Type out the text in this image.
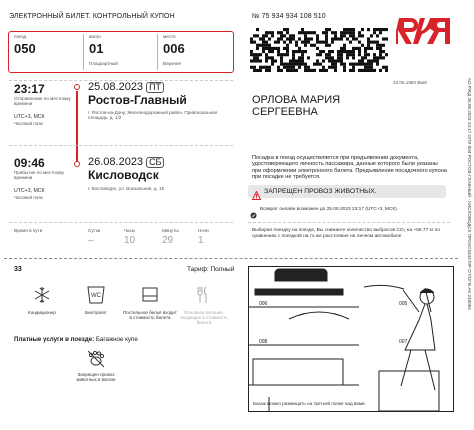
ЭЛЕКТРОННЫЙ БИЛЕТ. КОНТРОЛЬНЫЙ КУПОН	№ 75 934 934 108 510
поезд
050
вагон
01
Плацкартный
место
006
Верхнее
23:17
Отправление по местному времени
UTC+3, МСК
Часовой пояс
25.08.2023 ПТ
Ростов-Главный
г. Ростов-на-Дону, Железнодорожный район, Привокзальная площадь, д. 1/2
09:46
Прибытие по местному времени
UTC+3, МСК
Часовой пояс
26.08.2023 СБ
Кисловодск
г. Кисловодск, ул. Вокзальная, д. 15
Время в пути	Сутки
–
Часы
10
Минуты
29
Ночи
1
23.05.1984 ВЫК
ОРЛОВА МАРИЯ
СЕРГЕЕВНА	АО РЖД 26.08.2023 23:17 ОПЛ 004 РОСТОВ-ГЛАВНЫЙ - КИСЛОВОДСК ПРОКС534470Р ОТ/ОГВ-АК 210084
Посадка в поезд осуществляется при предъявлении документа, удостоверяющего личность пассажира, данные которого были указаны при оформлении электронного билета. Предъявление посадочного купона при посадке не требуется.
ЗАПРЕЩЕН ПРОВОЗ ЖИВОТНЫХ.
Возврат онлайн возможен до 25.08.2023 23:17 (UTC+3, МСК)
Выбирая поездку на поезде, Вы снижаете количество выбросов CO₂ на ~56.77 кг по сравнению с поездкой на то же расстояние на личном автомобиле
33	Тариф: Полный
Кондиционер
WC
Биотуалет	Постельное бельё входит в стоимость билета
Основное питание, входящее в стоимость билета
Платные услуги в поезде: Багажное купе
Запрещен провоз животных в вагоне
006
008
005
007
Багаж можно размещать на третьей полке над вами.
